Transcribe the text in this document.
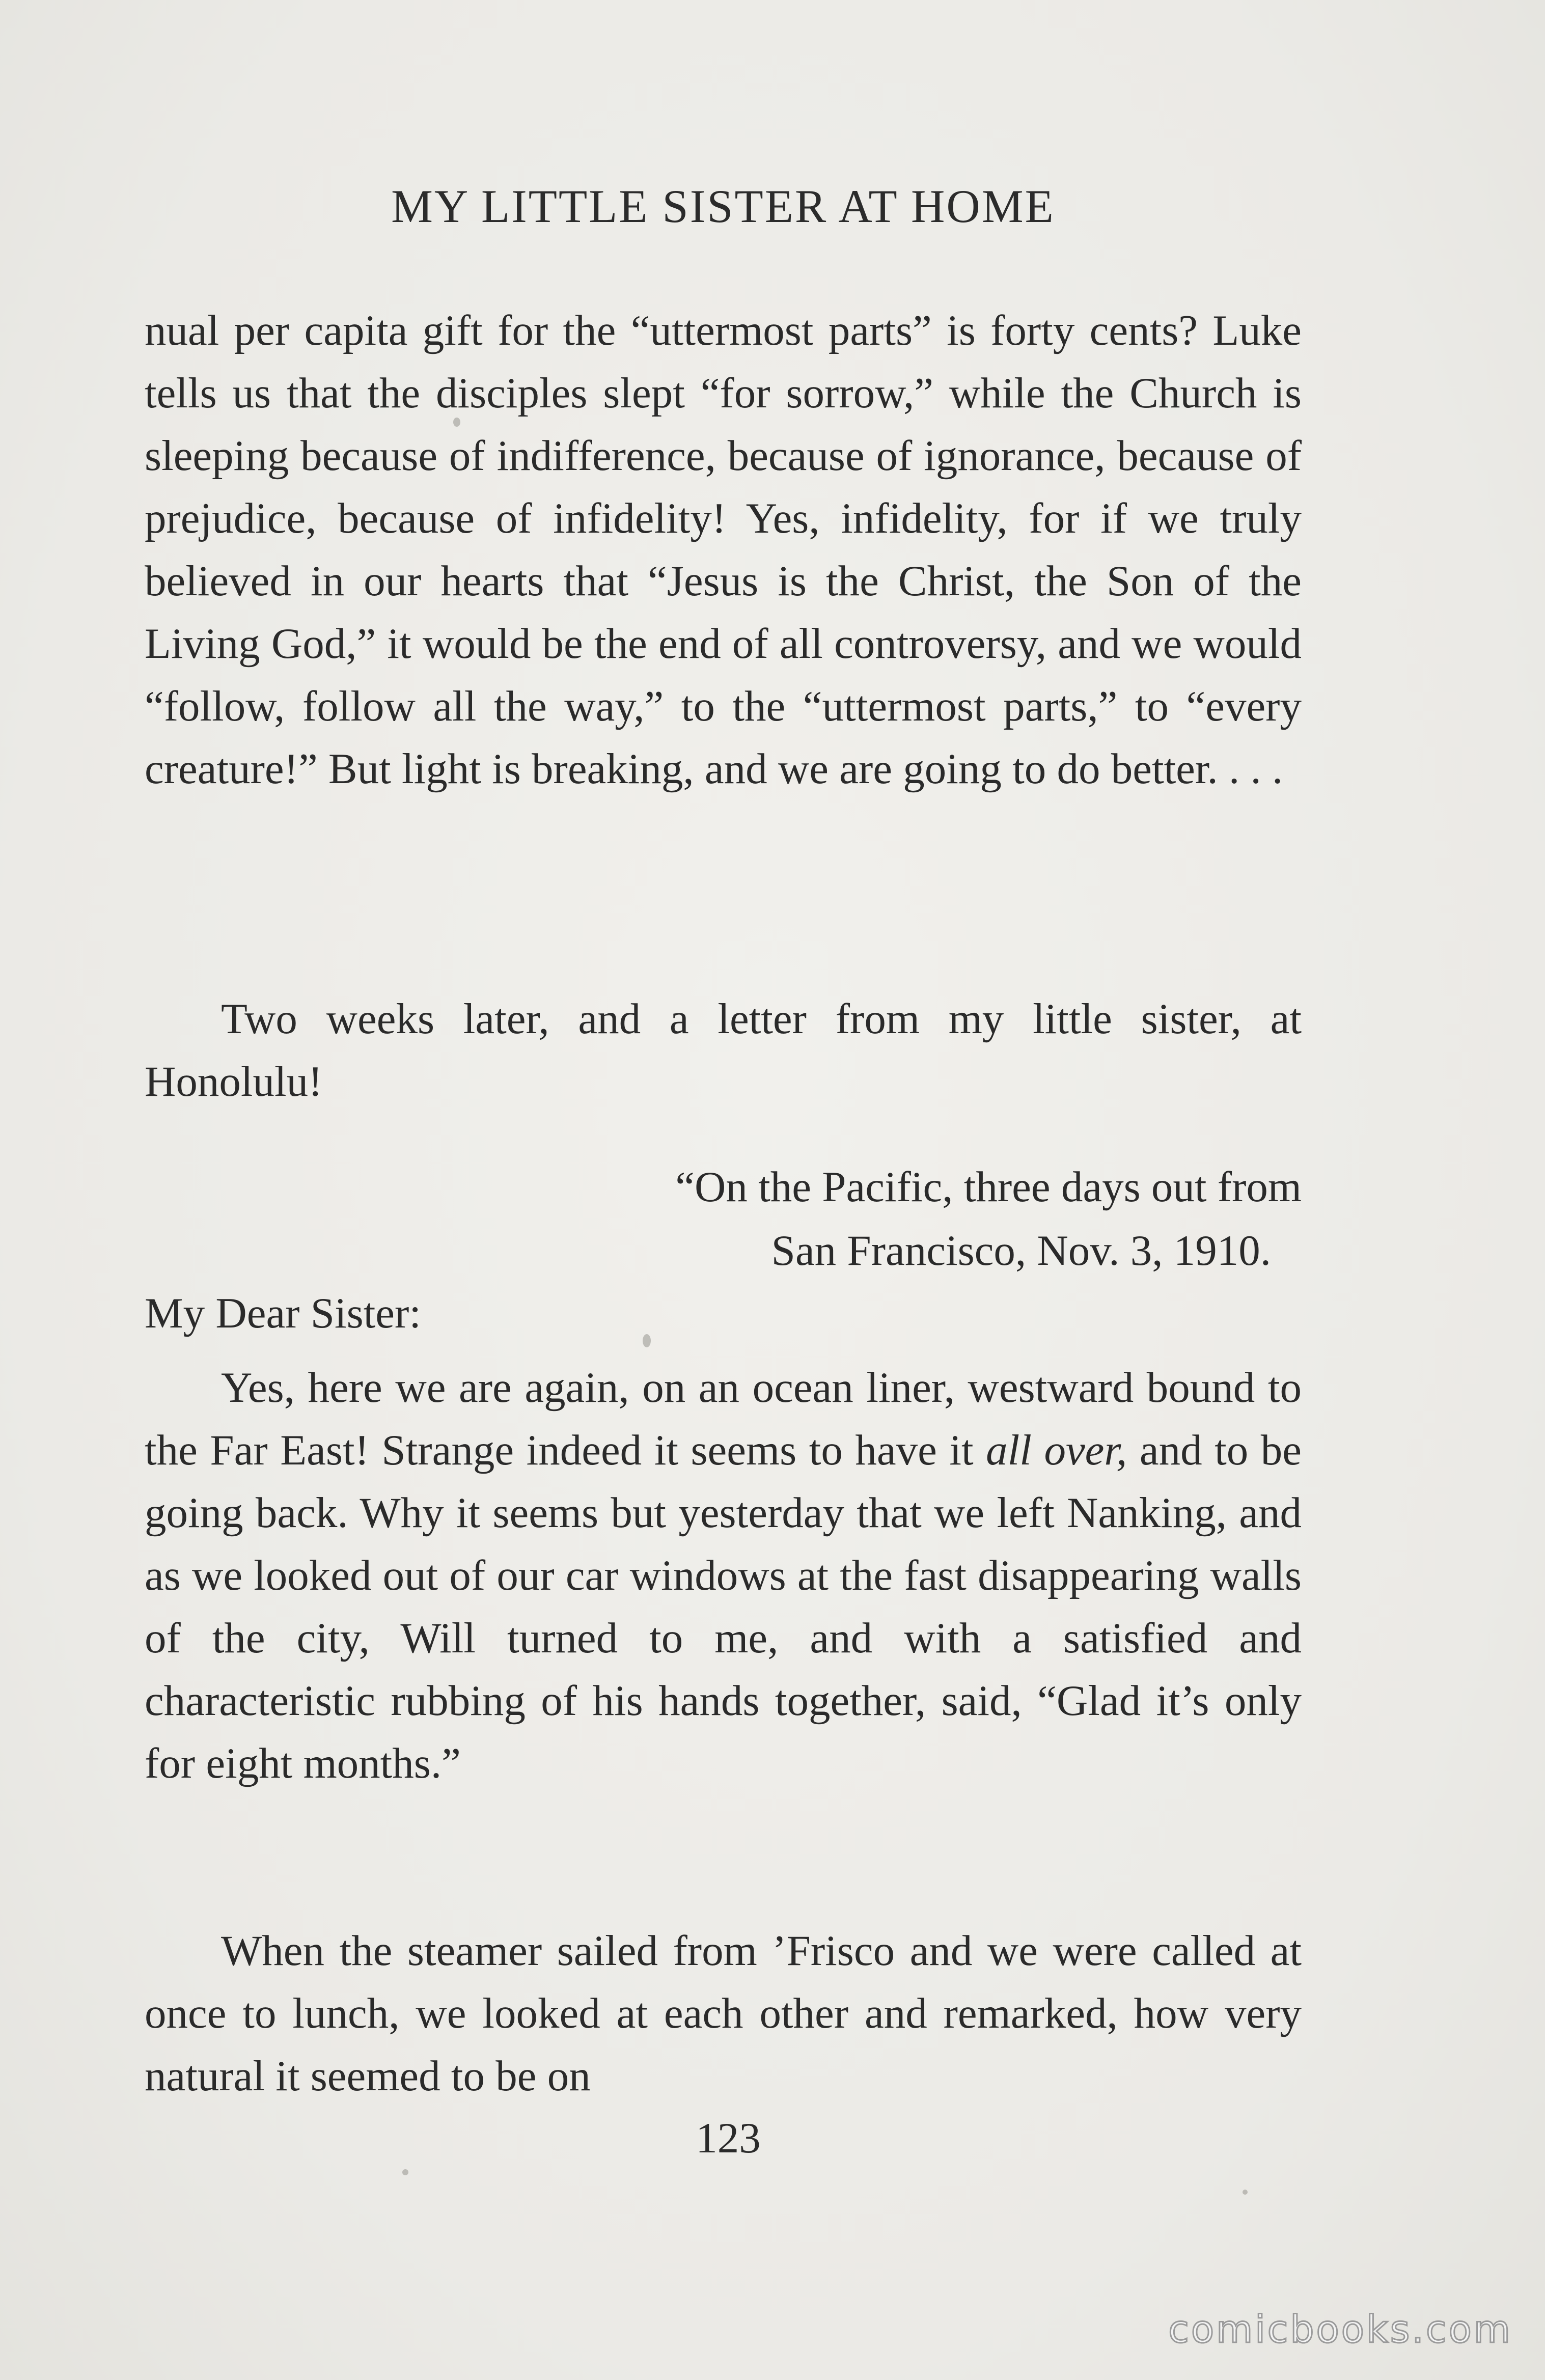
MY LITTLE SISTER AT HOME

nual per capita gift for the “uttermost parts” is forty cents? Luke tells us that the disciples slept “for sorrow,” while the Church is sleeping because of indifference, because of ignorance, because of prejudice, because of infidelity! Yes, infidelity, for if we truly believed in our hearts that “Jesus is the Christ, the Son of the Living God,” it would be the end of all controversy, and we would “follow, follow all the way,” to the “uttermost parts,” to “every creature!” But light is breaking, and we are going to do better. . . .

Two weeks later, and a letter from my little sister, at Honolulu!

“On the Pacific, three days out from
San Francisco, Nov. 3, 1910.
My Dear Sister:

Yes, here we are again, on an ocean liner, westward bound to the Far East! Strange indeed it seems to have it all over, and to be going back. Why it seems but yesterday that we left Nanking, and as we looked out of our car windows at the fast disappearing walls of the city, Will turned to me, and with a satisfied and characteristic rubbing of his hands together, said, “Glad it’s only for eight months.”

When the steamer sailed from ’Frisco and we were called at once to lunch, we looked at each other and remarked, how very natural it seemed to be on

123
comicbooks.com
